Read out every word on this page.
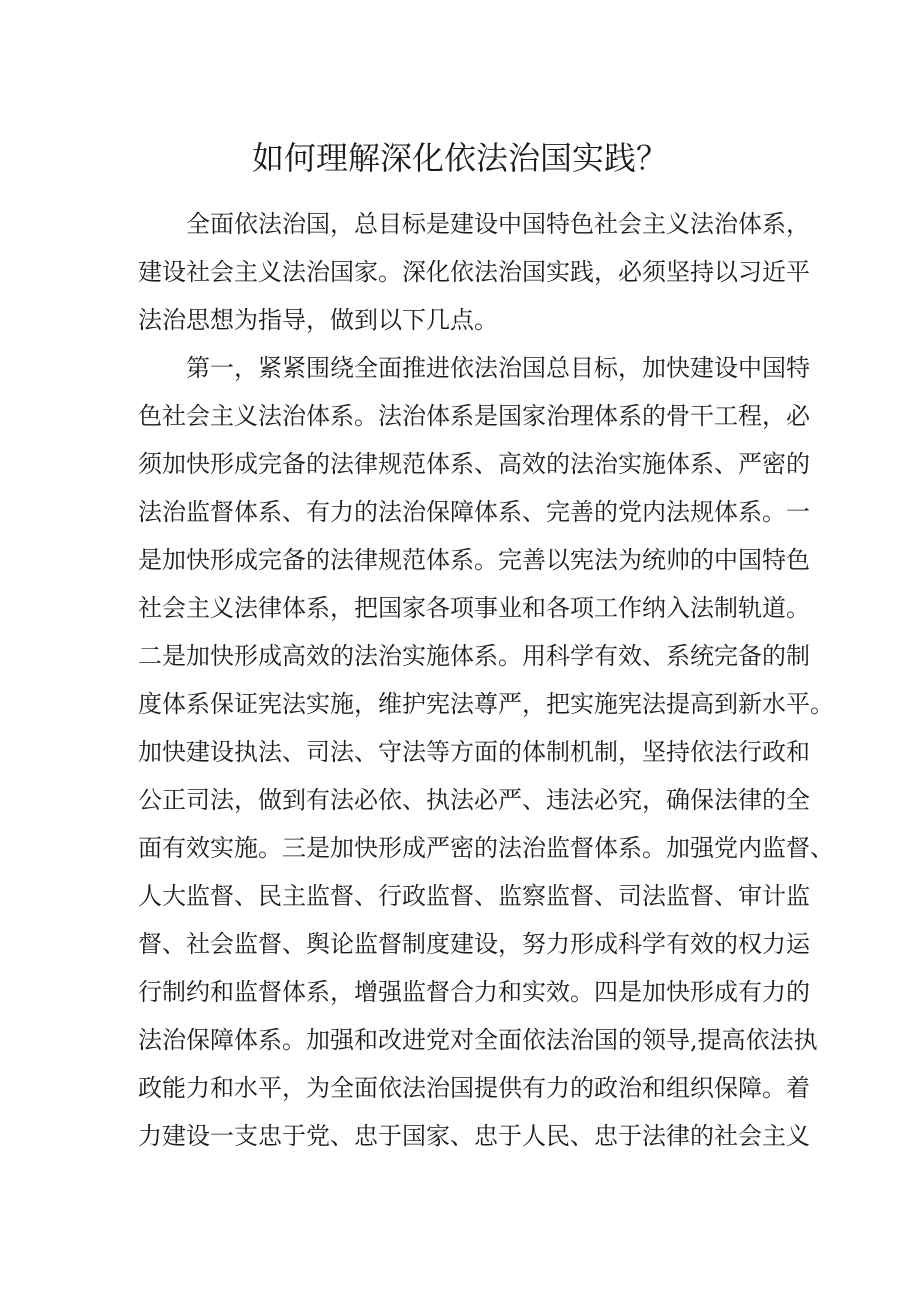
如何理解深化依法治国实践？
全面依法治国，总目标是建设中国特色社会主义法治体系，
建设社会主义法治国家。深化依法治国实践，必须坚持以习近平
法治思想为指导，做到以下几点。
第一，紧紧围绕全面推进依法治国总目标，加快建设中国特
色社会主义法治体系。法治体系是国家治理体系的骨干工程，必
须加快形成完备的法律规范体系、高效的法治实施体系、严密的
法治监督体系、有力的法治保障体系、完善的党内法规体系。一
是加快形成完备的法律规范体系。完善以宪法为统帅的中国特色
社会主义法律体系，把国家各项事业和各项工作纳入法制轨道。
二是加快形成高效的法治实施体系。用科学有效、系统完备的制
度体系保证宪法实施，维护宪法尊严，把实施宪法提高到新水平。
加快建设执法、司法、守法等方面的体制机制，坚持依法行政和
公正司法，做到有法必依、执法必严、违法必究，确保法律的全
面有效实施。三是加快形成严密的法治监督体系。加强党内监督、
人大监督、民主监督、行政监督、监察监督、司法监督、审计监
督、社会监督、舆论监督制度建设，努力形成科学有效的权力运
行制约和监督体系，增强监督合力和实效。四是加快形成有力的
法治保障体系。加强和改进党对全面依法治国的领导,提高依法执
政能力和水平，为全面依法治国提供有力的政治和组织保障。着
力建设一支忠于党、忠于国家、忠于人民、忠于法律的社会主义
